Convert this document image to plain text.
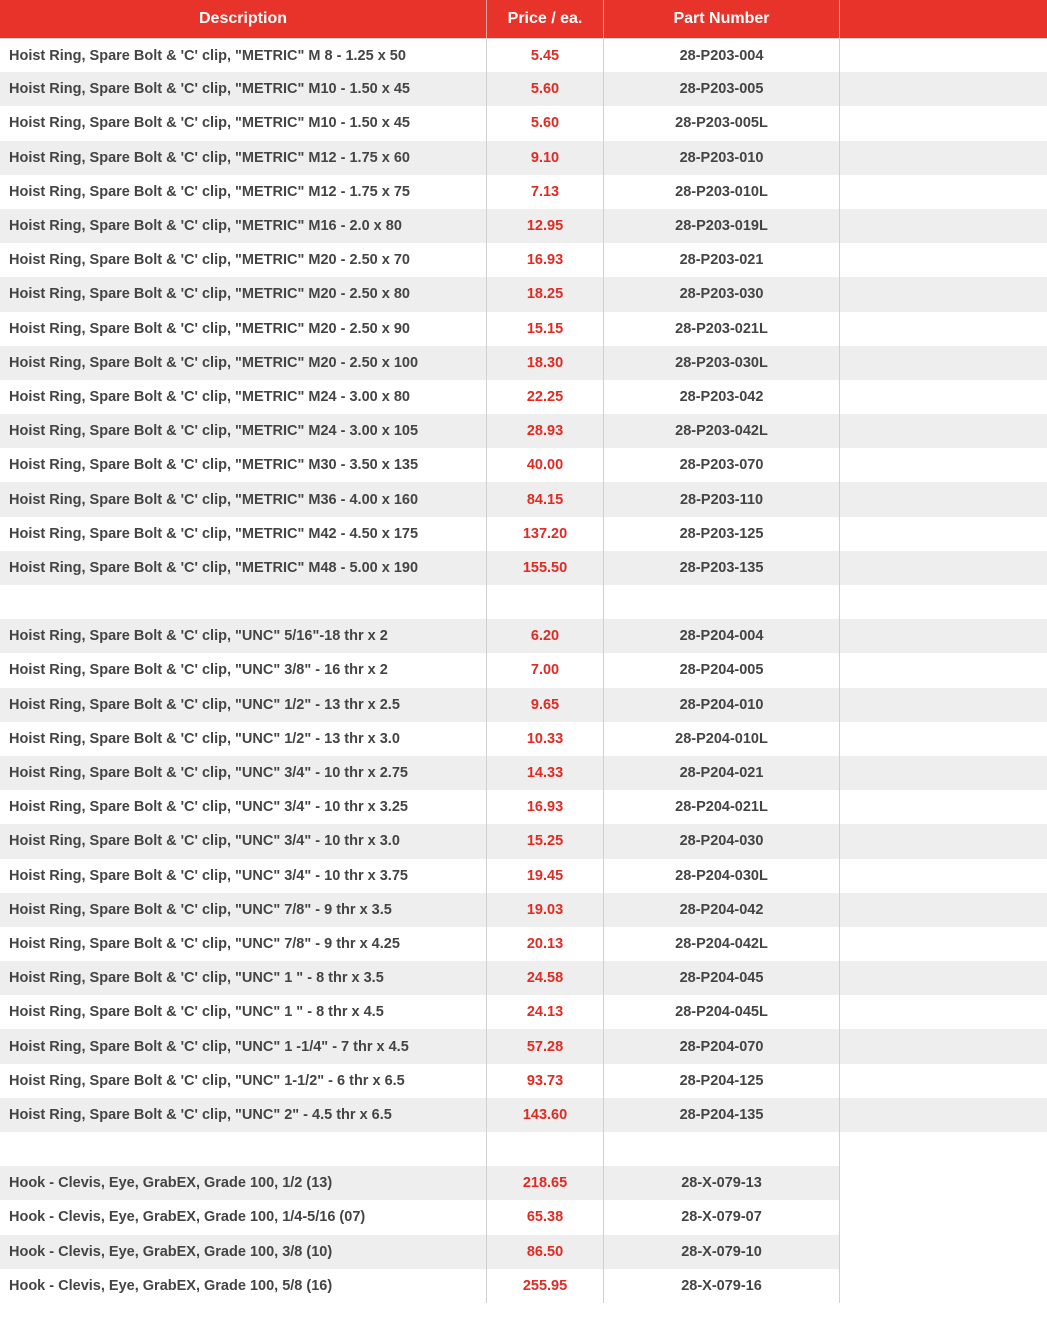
Description	Price / ea.	Part Number
Hoist Ring, Spare Bolt & 'C' clip, "METRIC" M 8 - 1.25 x 50	5.45	28-P203-004
Hoist Ring, Spare Bolt & 'C' clip, "METRIC" M10 - 1.50 x 45	5.60	28-P203-005
Hoist Ring, Spare Bolt & 'C' clip, "METRIC" M10 - 1.50 x 45	5.60	28-P203-005L
Hoist Ring, Spare Bolt & 'C' clip, "METRIC" M12 - 1.75 x 60	9.10	28-P203-010
Hoist Ring, Spare Bolt & 'C' clip, "METRIC" M12 - 1.75 x 75	7.13	28-P203-010L
Hoist Ring, Spare Bolt & 'C' clip, "METRIC" M16 - 2.0 x 80	12.95	28-P203-019L
Hoist Ring, Spare Bolt & 'C' clip, "METRIC" M20 - 2.50 x 70	16.93	28-P203-021
Hoist Ring, Spare Bolt & 'C' clip, "METRIC" M20 - 2.50 x 80	18.25	28-P203-030
Hoist Ring, Spare Bolt & 'C' clip, "METRIC" M20 - 2.50 x 90	15.15	28-P203-021L
Hoist Ring, Spare Bolt & 'C' clip, "METRIC" M20 - 2.50 x 100	18.30	28-P203-030L
Hoist Ring, Spare Bolt & 'C' clip, "METRIC" M24 - 3.00 x 80	22.25	28-P203-042
Hoist Ring, Spare Bolt & 'C' clip, "METRIC" M24 - 3.00 x 105	28.93	28-P203-042L
Hoist Ring, Spare Bolt & 'C' clip, "METRIC" M30 - 3.50 x 135	40.00	28-P203-070
Hoist Ring, Spare Bolt & 'C' clip, "METRIC" M36 - 4.00 x 160	84.15	28-P203-110
Hoist Ring, Spare Bolt & 'C' clip, "METRIC" M42 - 4.50 x 175	137.20	28-P203-125
Hoist Ring, Spare Bolt & 'C' clip, "METRIC" M48 - 5.00 x 190	155.50	28-P203-135
Hoist Ring, Spare Bolt & 'C' clip, "UNC" 5/16"-18 thr x 2	6.20	28-P204-004
Hoist Ring, Spare Bolt & 'C' clip, "UNC" 3/8" - 16 thr x 2	7.00	28-P204-005
Hoist Ring, Spare Bolt & 'C' clip, "UNC" 1/2" - 13 thr x 2.5	9.65	28-P204-010
Hoist Ring, Spare Bolt & 'C' clip, "UNC" 1/2" - 13 thr x 3.0	10.33	28-P204-010L
Hoist Ring, Spare Bolt & 'C' clip, "UNC" 3/4" - 10 thr x 2.75	14.33	28-P204-021
Hoist Ring, Spare Bolt & 'C' clip, "UNC" 3/4" - 10 thr x 3.25	16.93	28-P204-021L
Hoist Ring, Spare Bolt & 'C' clip, "UNC" 3/4" - 10 thr x 3.0	15.25	28-P204-030
Hoist Ring, Spare Bolt & 'C' clip, "UNC" 3/4" - 10 thr x 3.75	19.45	28-P204-030L
Hoist Ring, Spare Bolt & 'C' clip, "UNC" 7/8" - 9 thr x 3.5	19.03	28-P204-042
Hoist Ring, Spare Bolt & 'C' clip, "UNC" 7/8" - 9 thr x 4.25	20.13	28-P204-042L
Hoist Ring, Spare Bolt & 'C' clip, "UNC" 1 " - 8 thr x 3.5	24.58	28-P204-045
Hoist Ring, Spare Bolt & 'C' clip, "UNC" 1 " - 8 thr x 4.5	24.13	28-P204-045L
Hoist Ring, Spare Bolt & 'C' clip, "UNC" 1 -1/4" - 7 thr x 4.5	57.28	28-P204-070
Hoist Ring, Spare Bolt & 'C' clip, "UNC" 1-1/2" - 6 thr x 6.5	93.73	28-P204-125
Hoist Ring, Spare Bolt & 'C' clip, "UNC" 2" - 4.5 thr x 6.5	143.60	28-P204-135
Hook - Clevis, Eye, GrabEX, Grade 100, 1/2 (13)	218.65	28-X-079-13
Hook - Clevis, Eye, GrabEX, Grade 100, 1/4-5/16 (07)	65.38	28-X-079-07
Hook - Clevis, Eye, GrabEX, Grade 100, 3/8 (10)	86.50	28-X-079-10
Hook - Clevis, Eye, GrabEX, Grade 100, 5/8 (16)	255.95	28-X-079-16
